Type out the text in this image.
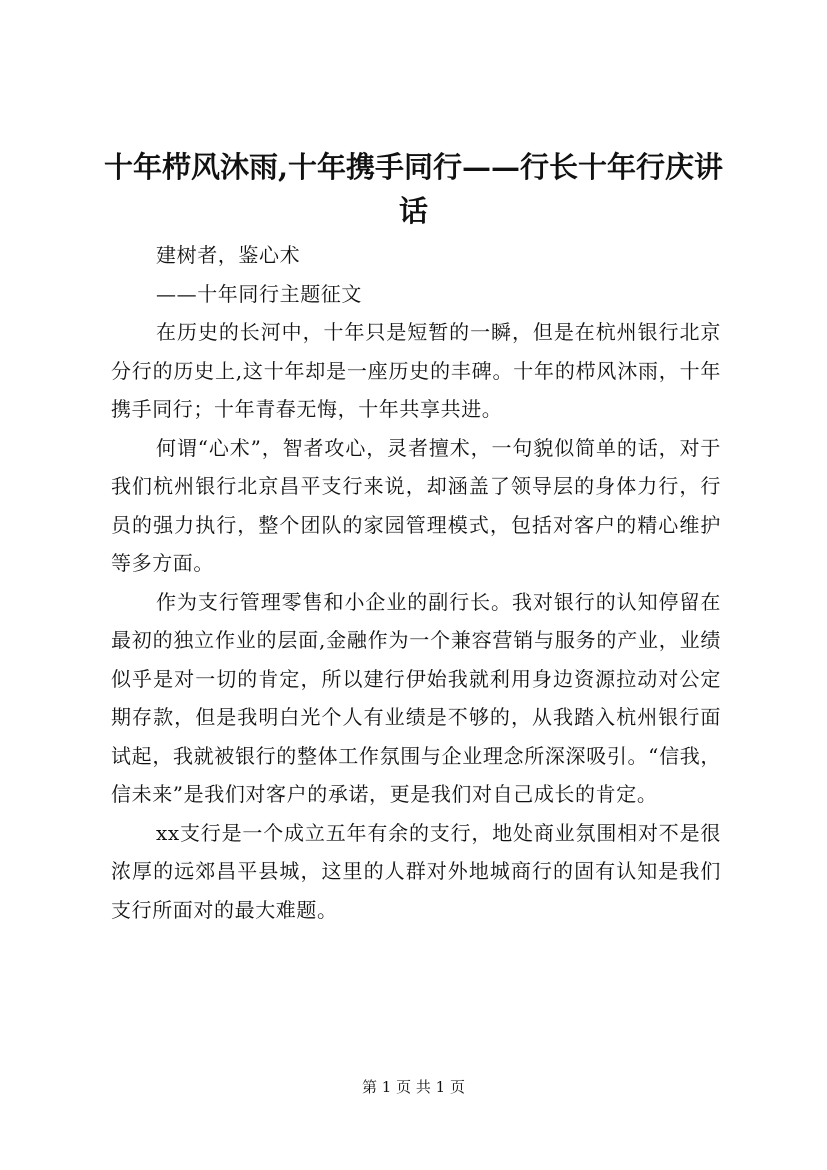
十年栉风沐雨,十年携手同行——行长十年行庆讲话

建树者，鉴心术

——十年同行主题征文

在历史的长河中，十年只是短暂的一瞬，但是在杭州银行北京分行的历史上,这十年却是一座历史的丰碑。十年的栉风沐雨，十年携手同行；十年青春无悔，十年共享共进。

何谓“心术”，智者攻心，灵者擅术，一句貌似简单的话，对于我们杭州银行北京昌平支行来说，却涵盖了领导层的身体力行，行员的强力执行，整个团队的家园管理模式，包括对客户的精心维护等多方面。

作为支行管理零售和小企业的副行长。我对银行的认知停留在最初的独立作业的层面,金融作为一个兼容营销与服务的产业，业绩似乎是对一切的肯定，所以建行伊始我就利用身边资源拉动对公定期存款，但是我明白光个人有业绩是不够的，从我踏入杭州银行面试起，我就被银行的整体工作氛围与企业理念所深深吸引。“信我，信未来”是我们对客户的承诺，更是我们对自己成长的肯定。

xx支行是一个成立五年有余的支行，地处商业氛围相对不是很浓厚的远郊昌平县城，这里的人群对外地城商行的固有认知是我们支行所面对的最大难题。

第 1 页 共 1 页
